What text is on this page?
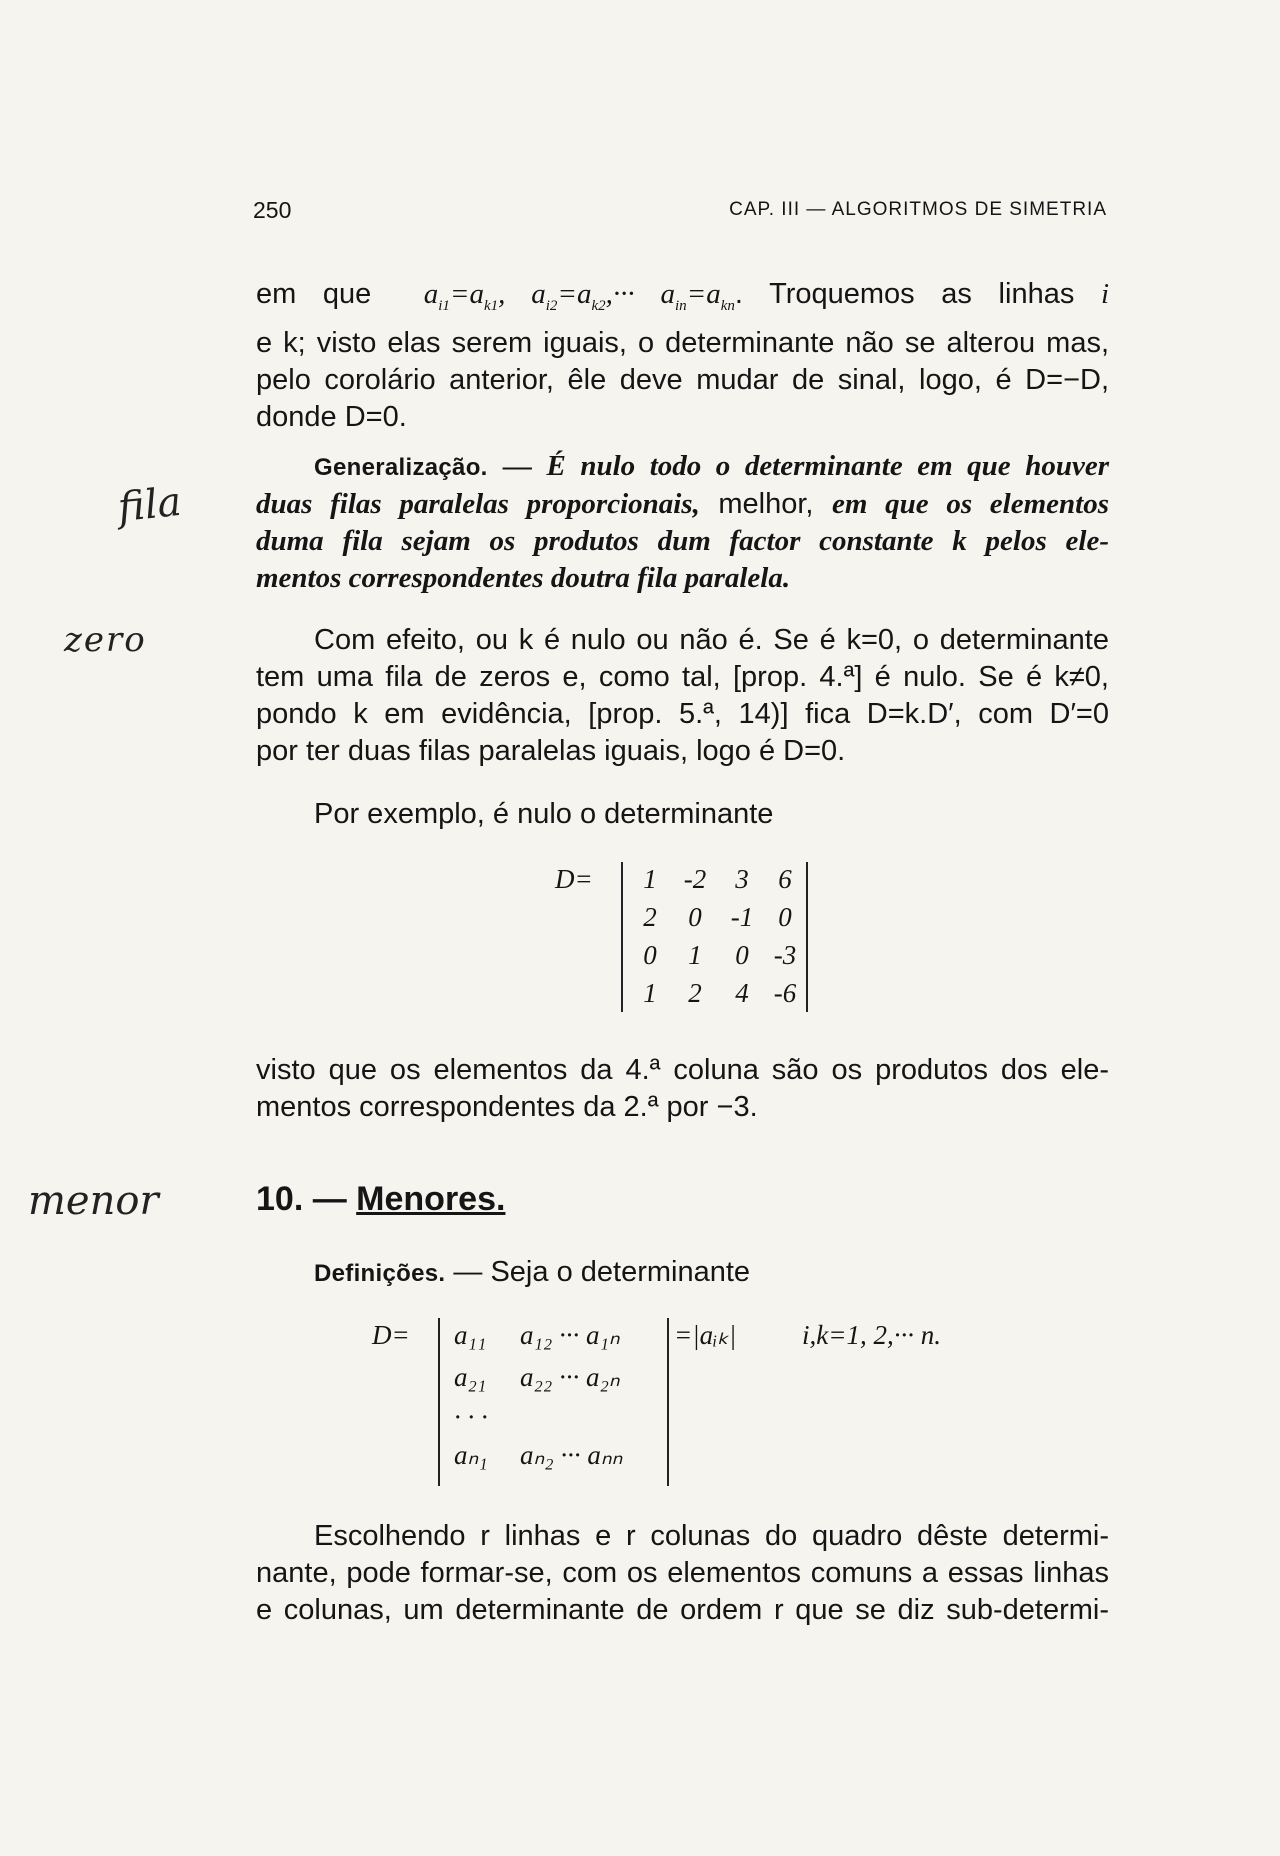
250	CAP. III — ALGORITMOS DE SIMETRIA
em que  $a_{i1}=a_{k1}$, $a_{i2}=a_{k2},\cdot\cdot\cdot a_{in}=a_{kn}$. Troquemos as linhas i
e k; visto elas serem iguais, o determinante não se alterou mas,
pelo corolário anterior, êle deve mudar de sinal, logo, é D=−D,
donde D=0.
Generalização. — É nulo todo o determinante em que houver
duas filas paralelas proporcionais, melhor, em que os elementos
duma fila sejam os produtos dum factor constante k pelos ele-
mentos correspondentes doutra fila paralela.
Com efeito, ou k é nulo ou não é. Se é k=0, o determinante
tem uma fila de zeros e, como tal, [prop. 4.ª] é nulo. Se é k≠0,
pondo k em evidência, [prop. 5.ª, 14)] fica D=k.D′, com D′=0
por ter duas filas paralelas iguais, logo é D=0.
Por exemplo, é nulo o determinante
D=	1	-2	3	6
2	0	-1 0
0	1	0 -3
1	2	4 -6
visto que os elementos da 4.ª coluna são os produtos dos ele-
mentos correspondentes da 2.ª por −3.
10. — Menores.
Definições. — Seja o determinante
D= a₁₁ a₁₂ ··· a₁ₙ
a₂₁ a₂₂ ··· a₂ₙ
· · ·
aₙ₁ aₙ₂ ··· aₙₙ
=|aᵢₖ| i,k=1, 2,··· n.
Escolhendo r linhas e r colunas do quadro dêste determi-
nante, pode formar-se, com os elementos comuns a essas linhas
e colunas, um determinante de ordem r que se diz sub-determi-
fila
zero
menor
